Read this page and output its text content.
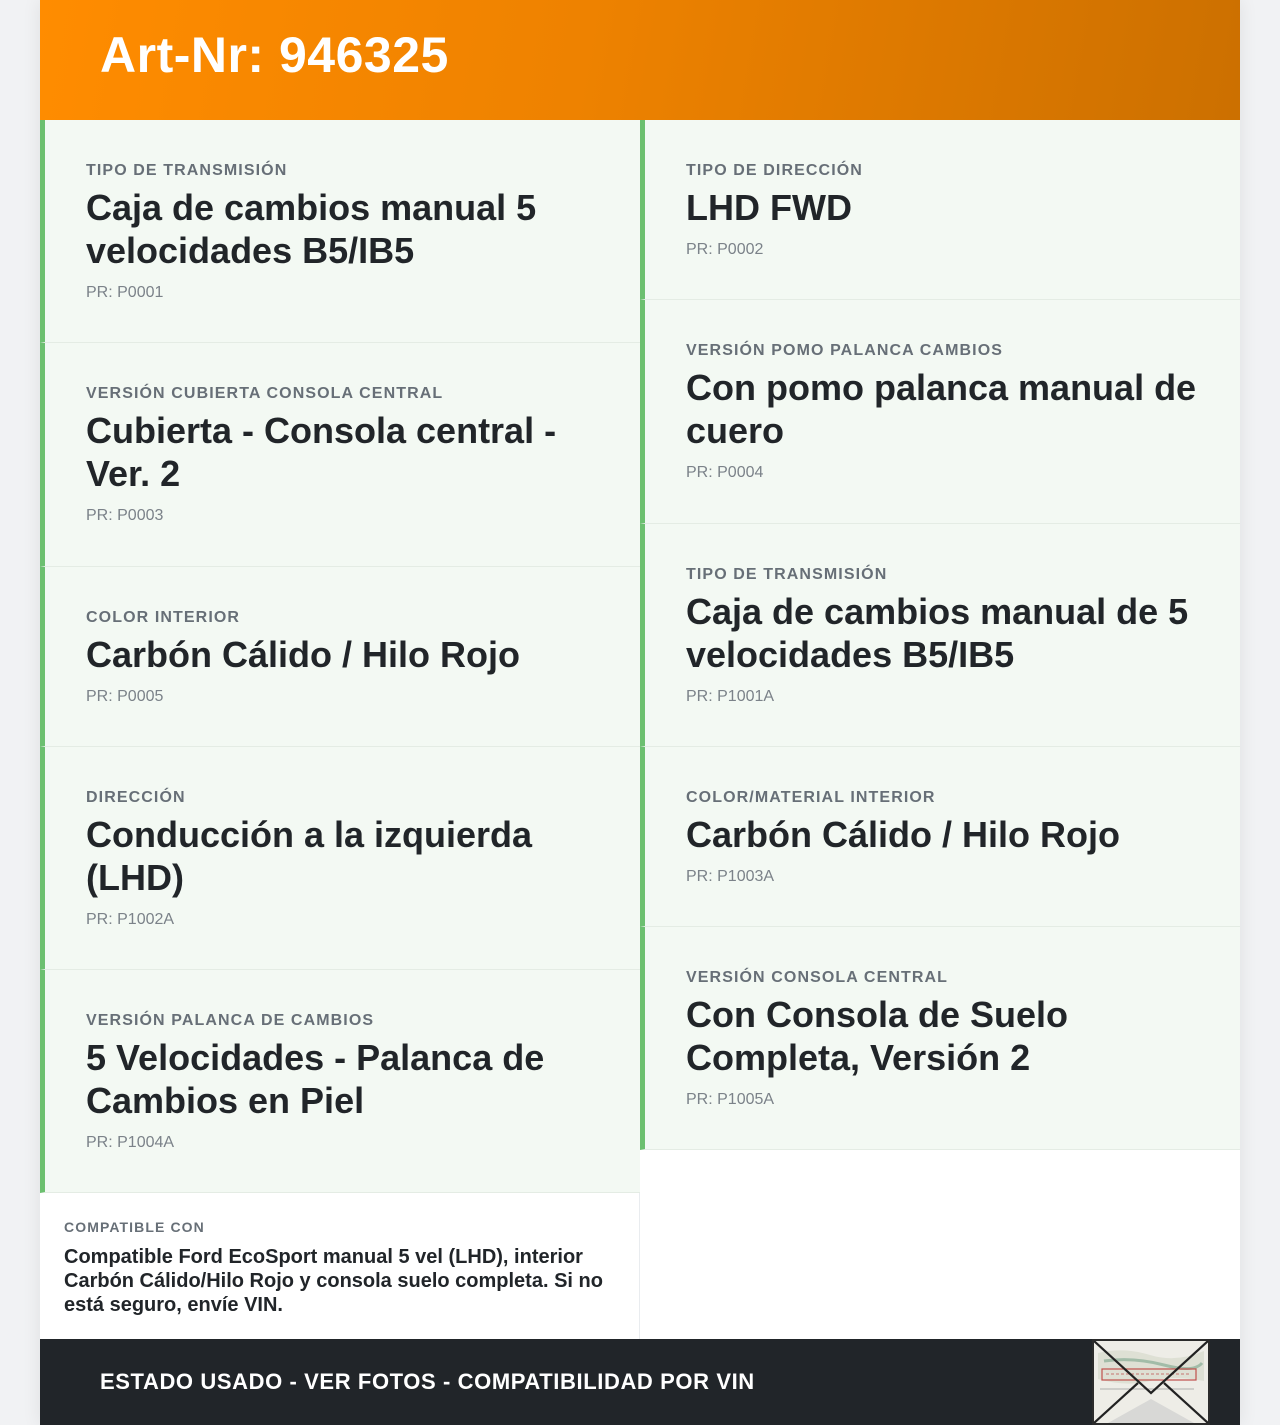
Art-Nr: 946325
TIPO DE TRANSMISIÓN
Caja de cambios manual 5 velocidades B5/IB5
PR: P0001
VERSIÓN CUBIERTA CONSOLA CENTRAL
Cubierta - Consola central - Ver. 2
PR: P0003
COLOR INTERIOR
Carbón Cálido / Hilo Rojo
PR: P0005
DIRECCIÓN
Conducción a la izquierda (LHD)
PR: P1002A
VERSIÓN PALANCA DE CAMBIOS
5 Velocidades - Palanca de Cambios en Piel
PR: P1004A
TIPO DE DIRECCIÓN
LHD FWD
PR: P0002
VERSIÓN POMO PALANCA CAMBIOS
Con pomo palanca manual de cuero
PR: P0004
TIPO DE TRANSMISIÓN
Caja de cambios manual de 5 velocidades B5/IB5
PR: P1001A
COLOR/MATERIAL INTERIOR
Carbón Cálido / Hilo Rojo
PR: P1003A
VERSIÓN CONSOLA CENTRAL
Con Consola de Suelo Completa, Versión 2
PR: P1005A
COMPATIBLE CON
Compatible Ford EcoSport manual 5 vel (LHD), interior Carbón Cálido/Hilo Rojo y consola suelo completa. Si no está seguro, envíe VIN.
ESTADO USADO - VER FOTOS - COMPATIBILIDAD POR VIN
